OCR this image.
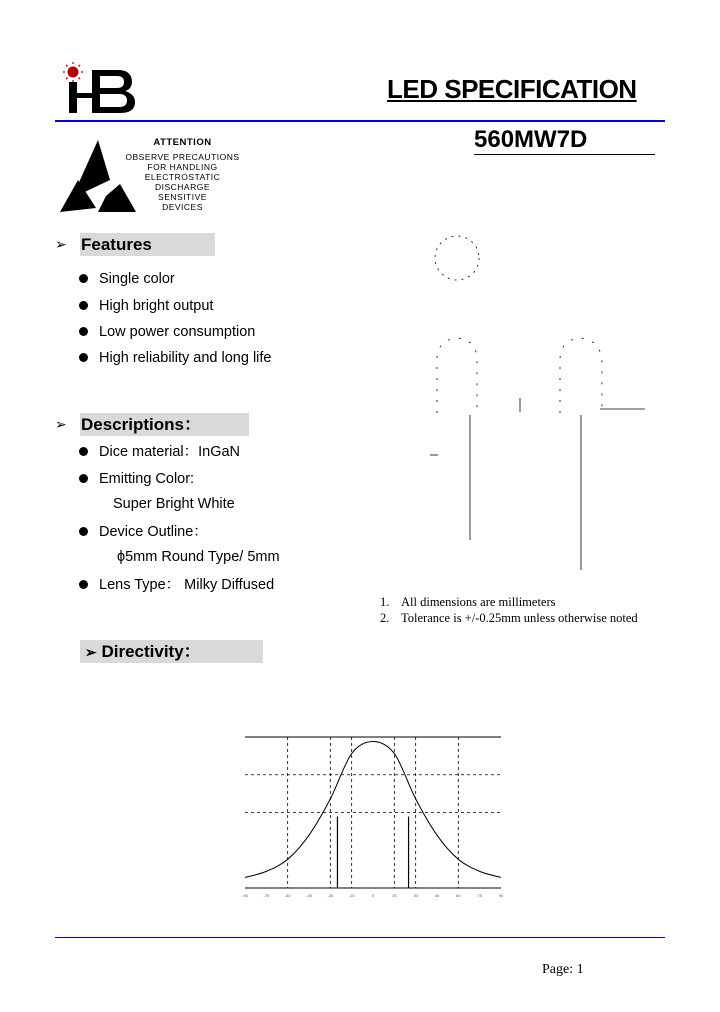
LED SPECIFICATION
560MW7D
ATTENTION
OBSERVE PRECAUTIONS
FOR HANDLING
ELECTROSTATIC
DISCHARGE
SENSITIVE
DEVICES
➢ Features
Single color
High bright output
Low power consumption
High reliability and long life
➢ Descriptions：
Dice material：InGaN
Emitting Color:
Super Bright White
Device Outline：
ϕ5mm Round Type/ 5mm
Lens Type： Milky Diffused
1. All dimensions are millimeters
2. Tolerance is +/-0.25mm unless otherwise noted
➢ Directivity：
-90	-75	-60	-45	-30	-15	0	15	30	45	60	75	90
Page: 1
